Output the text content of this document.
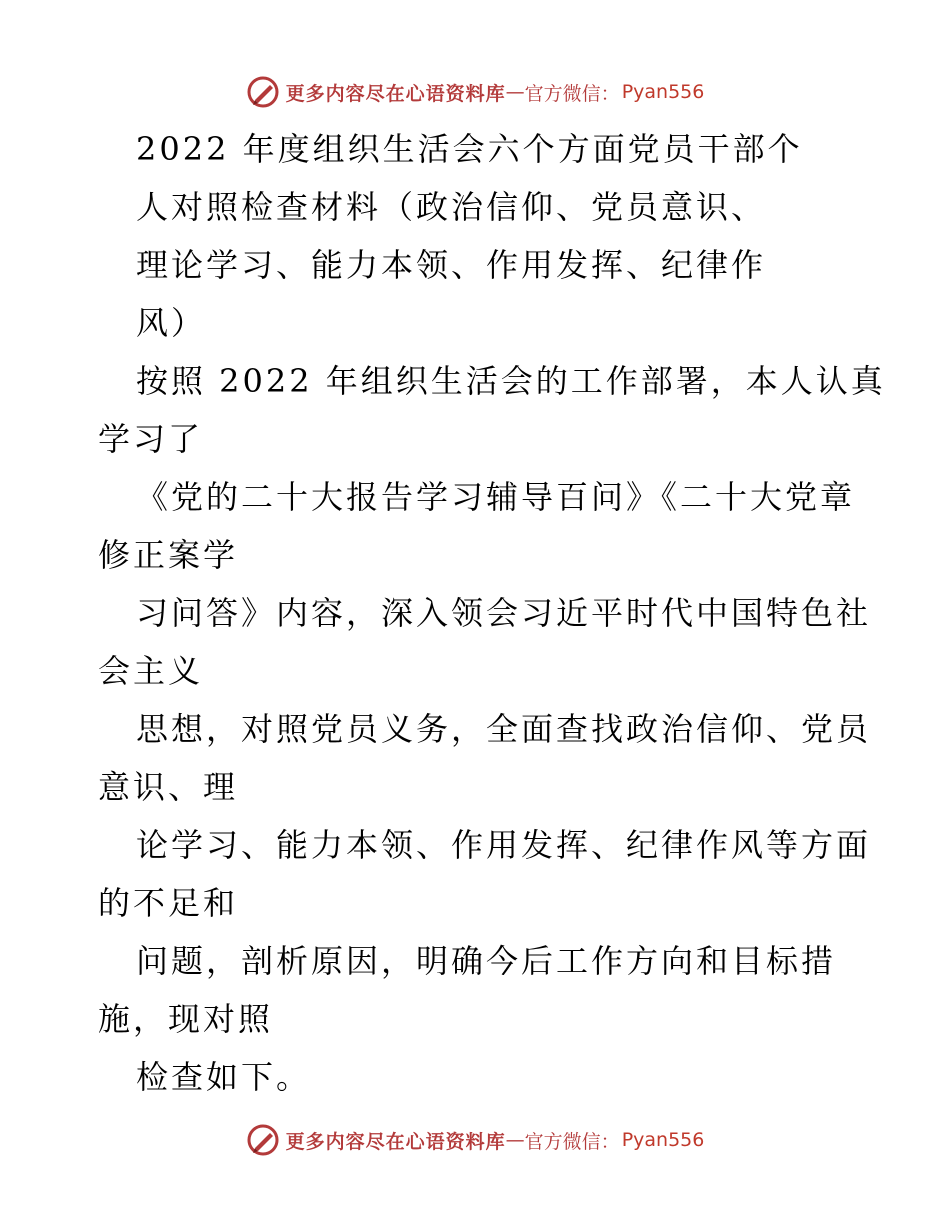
更多内容尽在心语资料库 — 官方微信： Pyan556
2022 年度组织生活会六个方面党员干部个
人对照检查材料（政治信仰、党员意识、
理论学习、能力本领、作用发挥、纪律作
风）
按照 2022 年组织生活会的工作部署，本人认真
学习了
《党的二十大报告学习辅导百问》《二十大党章
修正案学
习问答》内容，深入领会习近平时代中国特色社
会主义
思想，对照党员义务，全面查找政治信仰、党员
意识、理
论学习、能力本领、作用发挥、纪律作风等方面
的不足和
问题，剖析原因，明确今后工作方向和目标措
施，现对照
检查如下。
更多内容尽在心语资料库 — 官方微信： Pyan556
